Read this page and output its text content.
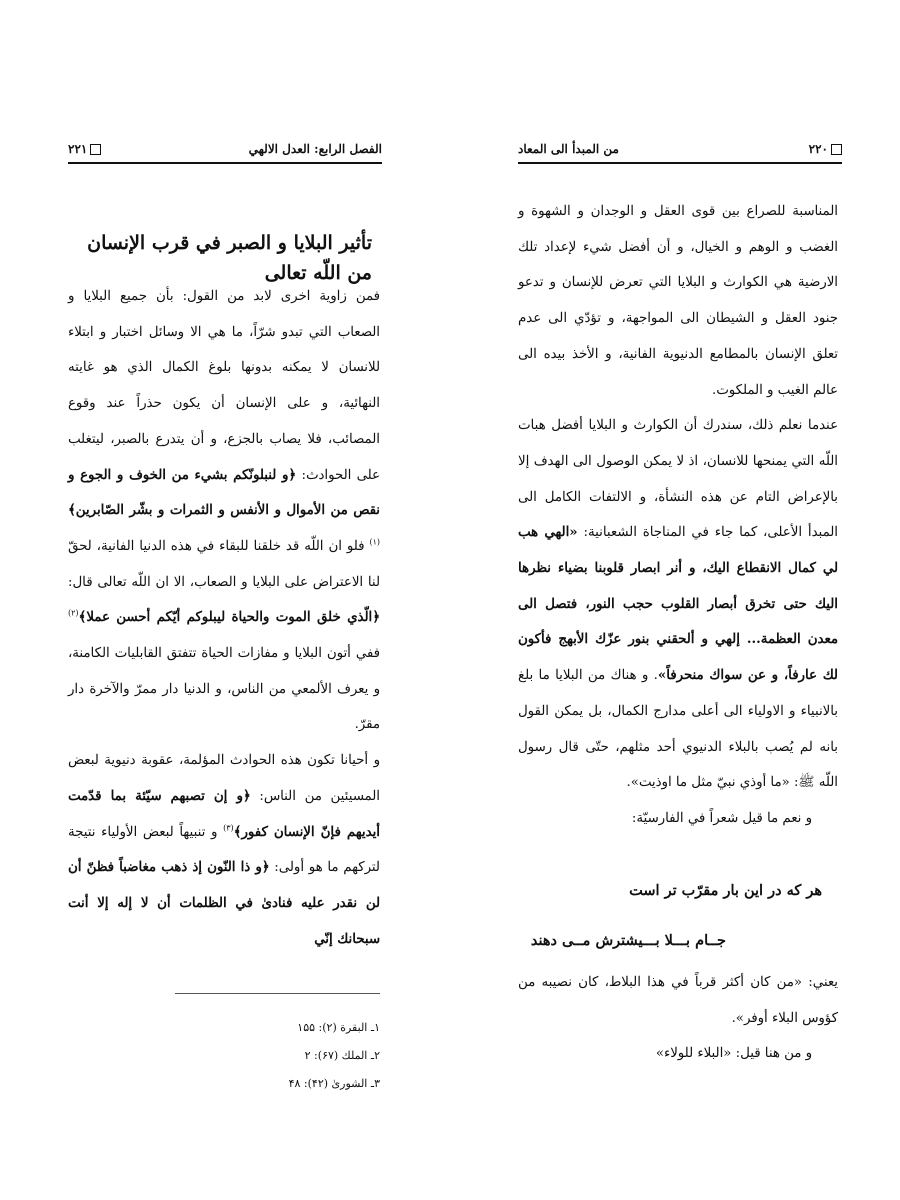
۲۲۱	الفصل الرابع: العدل الالهي
تأثير البلايا و الصبر في قرب الإنسان من اللّه تعالى

فمن زاوية اخرى لابد من القول: بأن جميع البلايا و الصعاب التي تبدو شرّاً، ما هي الا وسائل اختبار و ابتلاء للانسان لا يمكنه بدونها بلوغ الكمال الذي هو غايته النهائية، و على الإنسان أن يكون حذراً عند وقوع المصائب، فلا يصاب بالجزع، و أن يتدرع بالصبر، ليتغلب على الحوادث: ﴿و لنبلونّكم بشيء من الخوف و الجوع و نقص من الأموال و الأنفس و الثمرات و بشّر الصّابرين﴾$^{(۱)}$ فلو ان اللّه قد خلقنا للبقاء في هذه الدنيا الفانية، لحقّ لنا الاعتراض على البلايا و الصعاب، الا ان اللّه تعالى قال: ﴿الّذي خلق الموت والحياة ليبلوكم أيّكم أحسن عملا﴾$^{(۲)}$ ففي أتون البلايا و مفازات الحياة تتفتق القابليات الكامنة، و يعرف الألمعي من الناس، و الدنيا دار ممرّ والآخرة دار مقرّ.

و أحيانا تكون هذه الحوادث المؤلمة، عقوبة دنيوية لبعض المسيئين من الناس: ﴿و إن تصبهم سيّئة بما قدّمت أيديهم فإنّ الإنسان كفور﴾$^{(۳)}$ و تنبيهاً لبعض الأولياء نتيجة لتركهم ما هو أولى: ﴿و ذا النّون إذ ذهب مغاضباً فظنّ أن لن نقدر عليه فنادىٰ في الظلمات أن لا إله إلا أنت سبحانك إنّي

۱ـ البقرة (۲): ۱۵۵
۲ـ الملك (۶۷): ۲
۳ـ الشورىٰ (۴۲): ۴۸
من المبدأ الى المعاد	۲۲۰

المناسبة للصراع بين قوى العقل و الوجدان و الشهوة و الغضب و الوهم و الخيال، و أن أفضل شيء لإعداد تلك الارضية هي الكوارث و البلايا التي تعرض للإنسان و تدعو جنود العقل و الشيطان الى المواجهة، و تؤدّي الى عدم تعلق الإنسان بالمطامع الدنيوية الفانية، و الأخذ بيده الى عالم الغيب و الملكوت.

عندما نعلم ذلك، سندرك أن الكوارث و البلايا أفضل هبات اللّه التي يمنحها للانسان، اذ لا يمكن الوصول الى الهدف إلا بالإعراض التام عن هذه النشأة، و الالتفات الكامل الى المبدأ الأعلى، كما جاء في المناجاة الشعبانية: «الهي هب لي كمال الانقطاع اليك، و أنر ابصار قلوبنا بضياء نظرها اليك حتى تخرق أبصار القلوب حجب النور، فتصل الى معدن العظمة... إلهي و ألحقني بنور عزّك الأبهج فأكون لك عارفاً، و عن سواك منحرفاً». و هناك من البلايا ما بلغ بالانبياء و الاولياء الى أعلى مدارج الكمال، بل يمكن القول بانه لم يُصب بالبلاء الدنيوي أحد مثلهم، حتّى قال رسول اللّه ﷺ: «ما أوذي نبيّ مثل ما اوذيت».

و نعم ما قيل شعراً في الفارسيّة:

هر كه در اين بار مقرّب تر است
جــام بـــلا بـــيشترش مــى دهند

يعني: «من كان أكثر قرباً في هذا البلاط، كان نصيبه من كؤوس البلاء أوفر».

و من هنا قيل: «البلاء للولاء»
